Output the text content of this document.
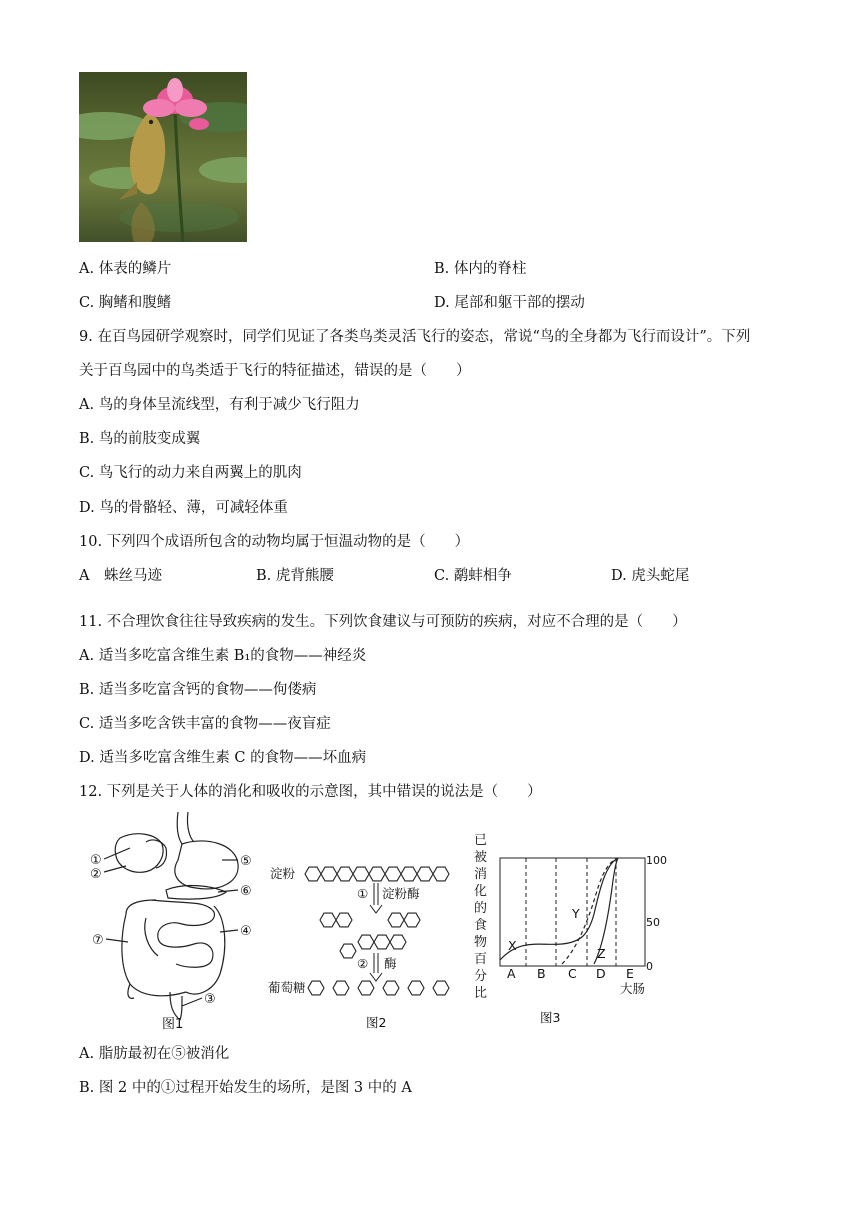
A. 体表的鳞片	B. 体内的脊柱
C. 胸鳍和腹鳍	D. 尾部和躯干部的摆动
9. 在百鸟园研学观察时，同学们见证了各类鸟类灵活飞行的姿态，常说“鸟的全身都为飞行而设计”。下列
关于百鸟园中的鸟类适于飞行的特征描述，错误的是（　　）
A. 鸟的身体呈流线型，有利于减少飞行阻力
B. 鸟的前肢变成翼
C. 鸟飞行的动力来自两翼上的肌肉
D. 鸟的骨骼轻、薄，可减轻体重
10. 下列四个成语所包含的动物均属于恒温动物的是（　　）
A　蛛丝马迹	B. 虎背熊腰	C. 鹬蚌相争	D. 虎头蛇尾
11. 不合理饮食往往导致疾病的发生。下列饮食建议与可预防的疾病，对应不合理的是（　　）
A. 适当多吃富含维生素 B₁的食物——神经炎
B. 适当多吃富含钙的食物——佝偻病
C. 适当多吃含铁丰富的食物——夜盲症
D. 适当多吃富含维生素 C 的食物——坏血病
12. 下列是关于人体的消化和吸收的示意图，其中错误的说法是（　　）
①
②
⑤
⑥
④
⑦
③
图1
淀粉
葡萄糖
① 淀粉酶
② 酶
图2
已
被
消
化
的
食
物
百
分
比
X
Y
Z
A B C D E
大肠
100
50
0
图3
A. 脂肪最初在⑤被消化
B. 图 2 中的①过程开始发生的场所，是图 3 中的 A
